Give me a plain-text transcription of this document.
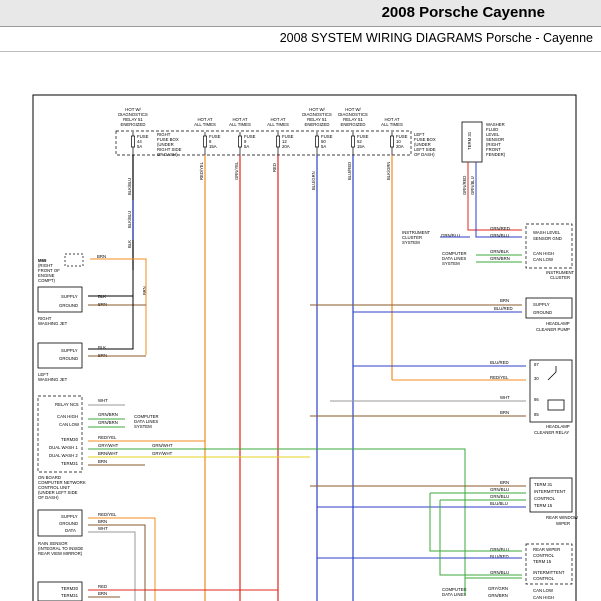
2008 Porsche Cayenne
2008 SYSTEM WIRING DIAGRAMS Porsche - Cayenne
HOT W/
DIAGNOSTICS
RELAY 51
ENERGIZED
FUSE
44
5A
HOT AT
ALL TIMES
FUSE
8
15A
HOT AT
ALL TIMES
FUSE
9
5A
HOT AT
ALL TIMES
FUSE
12
20A
HOT W/
DIAGNOSTICS
RELAY 51
ENERGIZED
FUSE
50
5A
HOT W/
DIAGNOSTICS
RELAY 51
ENERGIZED
FUSE
52
15A
HOT AT
ALL TIMES
FUSE
10
20A
RIGHT
FUSE BOX
(UNDER
RIGHT SIDE
OF DASH)
LEFT
FUSE BOX
(UNDER
LEFT SIDE
OF DASH)
BLK/BLU
BLK/BLU
RED/YEL	GRN/YEL	RED
BLU/GRN
BLU/RED	BLK/GRN
BLK
BRN
M65
(RIGHT
FRONT OF
ENGINE
COMPT)
BRN
SUPPLY
GROUND
RIGHT
WASHING JET
BLK
BRN
SUPPLY
GROUND
LEFT
WASHING JET
BLK
BRN
RELAY NC5
CAN HIGH
CAN LOW
TERM30
DUAL WASH 1
DUAL WASH 2
TERM31
ON BOARD
COMPUTER NETWORK
CONTROL UNIT
(UNDER LEFT SIDE
OF DASH)
WHT
GRN/BRN
GRN/BRN
RED/YEL
GRY/WHT	GRN/WHT
BRN/WHT	GRY/WHT
BRN
COMPUTER
DATA LINES
SYSTEM
SUPPLY
GROUND
DATA
RAIN SENSOR
(INTEGRAL TO INSIDE
REAR VIEW MIRROR)
RED/YEL
BRN
WHT
TERM30
TERM31
RED
BRN
TERM 31
WASHER
FLUID
LEVEL
SENSOR
(RIGHT
FRONT
FENDER)
GRN/RED GRN/BLU
WASH LEVEL
SENSOR GND
CAN HIGH
CAN LOW
INSTRUMENT
CLUSTER
GRN/RED
GRN/BLU
GRN/BLK
GRN/BRN
INSTRUMENT
CLUSTER
SYSTEM
GRN/BLU
COMPUTER
DATA LINES
SYSTEM
SUPPLY
GROUND
HEADLAMP
CLEANER PUMP
BRN
BLU/RED
87
30
86
85
HEADLAMP
CLEANER RELAY
BLU/RED
RED/YEL
WHT
BRN
TERM 31
INTERMITTENT
CONTROL
TERM 15
REAR WINDOW
WIPER
BRN
GRN/BLU
GRN/BLU
BLU/BLU
REAR WIPER
CONTROL
TERM 15
INTERMITTENT
CONTROL
CAN LOW
CAN HIGH
GRN/BLU
BLU/RED
GRN/BLU
GRY/GRN
GRN/BRN
COMPUTER
DATA LINES
